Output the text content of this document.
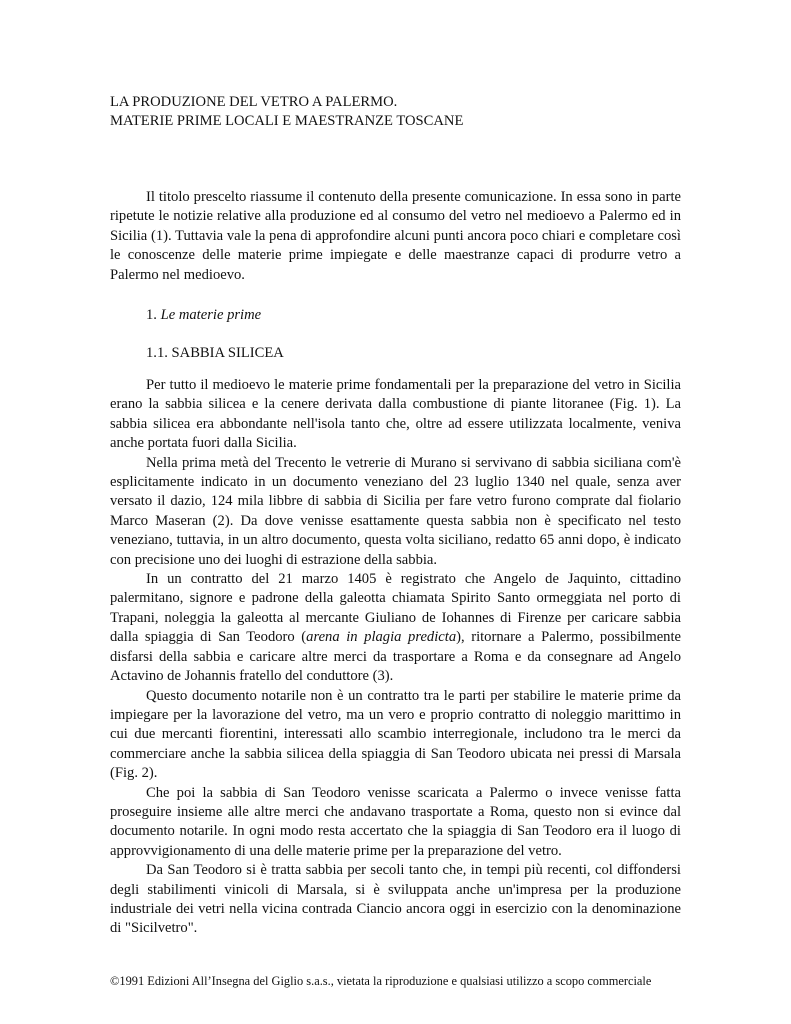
LA PRODUZIONE DEL VETRO A PALERMO.
MATERIE PRIME LOCALI E MAESTRANZE TOSCANE

Il titolo prescelto riassume il contenuto della presente comunicazione. In essa sono in parte ripetute le notizie relative alla produzione ed al consumo del vetro nel medioevo a Palermo ed in Sicilia (1). Tuttavia vale la pena di approfondire alcuni punti ancora poco chiari e completare così le conoscenze delle materie prime impiegate e delle maestranze capaci di produrre vetro a Palermo nel medioevo.

1. Le materie prime
1.1. SABBIA SILICEA

Per tutto il medioevo le materie prime fondamentali per la preparazione del vetro in Sicilia erano la sabbia silicea e la cenere derivata dalla combustione di piante litoranee (Fig. 1). La sabbia silicea era abbondante nell'isola tanto che, oltre ad essere utilizzata localmente, veniva anche portata fuori dalla Sicilia.

Nella prima metà del Trecento le vetrerie di Murano si servivano di sabbia siciliana com'è esplicitamente indicato in un documento veneziano del 23 luglio 1340 nel quale, senza aver versato il dazio, 124 mila libbre di sabbia di Sicilia per fare vetro furono comprate dal fiolario Marco Maseran (2). Da dove venisse esattamente questa sabbia non è specificato nel testo veneziano, tuttavia, in un altro documento, questa volta siciliano, redatto 65 anni dopo, è indicato con precisione uno dei luoghi di estrazione della sabbia.

In un contratto del 21 marzo 1405 è registrato che Angelo de Jaquinto, cittadino palermitano, signore e padrone della galeotta chiamata Spirito Santo ormeggiata nel porto di Trapani, noleggia la galeotta al mercante Giuliano de Iohannes di Firenze per caricare sabbia dalla spiaggia di San Teodoro (arena in plagia predicta), ritornare a Palermo, possibilmente disfarsi della sabbia e caricare altre merci da trasportare a Roma e da consegnare ad Angelo Actavino de Johannis fratello del conduttore (3).

Questo documento notarile non è un contratto tra le parti per stabilire le materie prime da impiegare per la lavorazione del vetro, ma un vero e proprio contratto di noleggio marittimo in cui due mercanti fiorentini, interessati allo scambio interregionale, includono tra le merci da commerciare anche la sabbia silicea della spiaggia di San Teodoro ubicata nei pressi di Marsala (Fig. 2).

Che poi la sabbia di San Teodoro venisse scaricata a Palermo o invece venisse fatta proseguire insieme alle altre merci che andavano trasportate a Roma, questo non si evince dal documento notarile. In ogni modo resta accertato che la spiaggia di San Teodoro era il luogo di approvvigionamento di una delle materie prime per la preparazione del vetro.

Da San Teodoro si è tratta sabbia per secoli tanto che, in tempi più recenti, col diffondersi degli stabilimenti vinicoli di Marsala, si è sviluppata anche un'impresa per la produzione industriale dei vetri nella vicina contrada Ciancio ancora oggi in esercizio con la denominazione di "Sicilvetro".

©1991 Edizioni All’Insegna del Giglio s.a.s., vietata la riproduzione e qualsiasi utilizzo a scopo commerciale
